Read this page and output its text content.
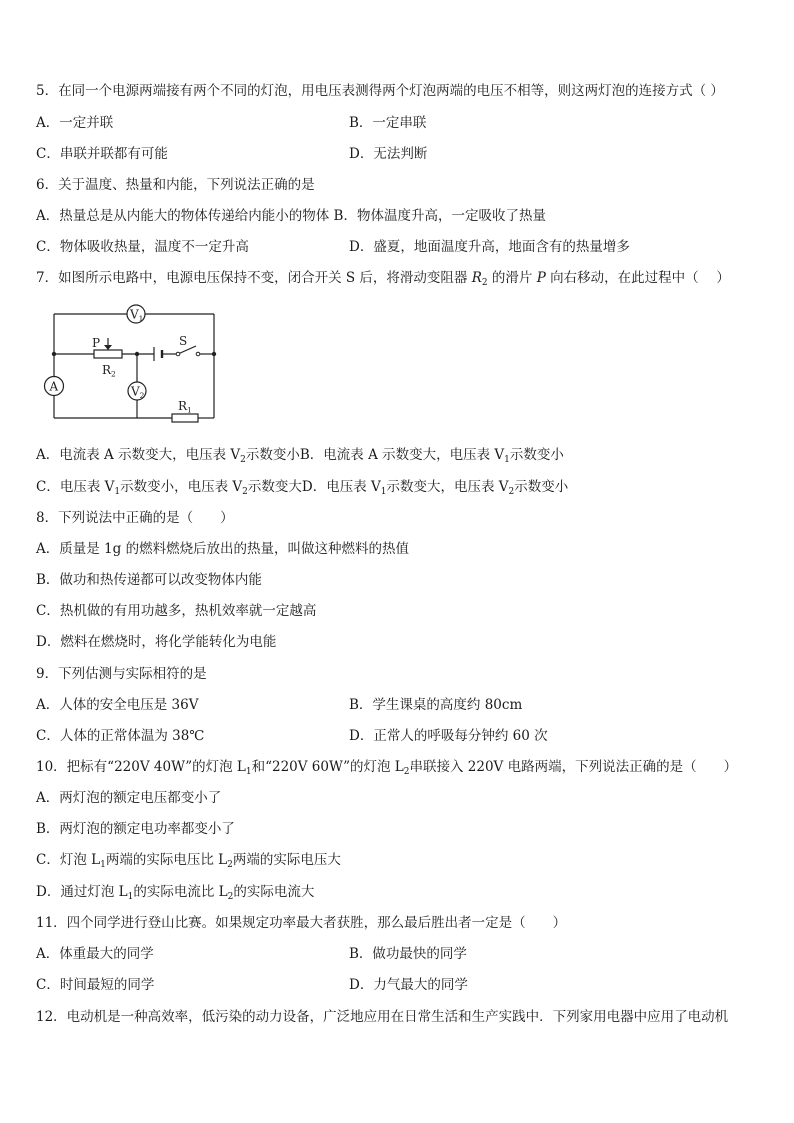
5．在同一个电源两端接有两个不同的灯泡，用电压表测得两个灯泡两端的电压不相等，则这两灯泡的连接方式（ ）
A．一定并联	B．一定串联
C．串联并联都有可能	D．无法判断
6．关于温度、热量和内能，下列说法正确的是
A．热量总是从内能大的物体传递给内能小的物体 B．物体温度升高，一定吸收了热量
C．物体吸收热量，温度不一定升高	D．盛夏，地面温度升高，地面含有的热量增多
7．如图所示电路中，电源电压保持不变，闭合开关 S 后，将滑动变阻器 $R_2$ 的滑片 P 向右移动，在此过程中（　 ）
$V_1$
A	$V_2$
P	S
$R_2$
$R_1$
A．电流表 A 示数变大，电压表 $V_2$示数变小B．电流表 A 示数变大，电压表 $V_1$示数变小
C．电压表 $V_1$示数变小，电压表 $V_2$示数变大D．电压表 $V_1$示数变大，电压表 $V_2$示数变小
8．下列说法中正确的是（　　）
A．质量是 1g 的燃料燃烧后放出的热量，叫做这种燃料的热值
B．做功和热传递都可以改变物体内能
C．热机做的有用功越多，热机效率就一定越高
D．燃料在燃烧时，将化学能转化为电能
9．下列估测与实际相符的是
A．人体的安全电压是 36V	B．学生课桌的高度约 80cm
C．人体的正常体温为 38℃	D．正常人的呼吸每分钟约 60 次
10．把标有“220V 40W”的灯泡 $L_1$和“220V 60W”的灯泡 $L_2$串联接入 220V 电路两端，下列说法正确的是（　　）
A．两灯泡的额定电压都变小了
B．两灯泡的额定电功率都变小了
C．灯泡 $L_1$两端的实际电压比 $L_2$两端的实际电压大
D．通过灯泡 $L_1$的实际电流比 $L_2$的实际电流大
11．四个同学进行登山比赛。如果规定功率最大者获胜，那么最后胜出者一定是（　　）
A．体重最大的同学	B．做功最快的同学
C．时间最短的同学	D．力气最大的同学
12．电动机是一种高效率，低污染的动力设备，广泛地应用在日常生活和生产实践中．下列家用电器中应用了电动机
